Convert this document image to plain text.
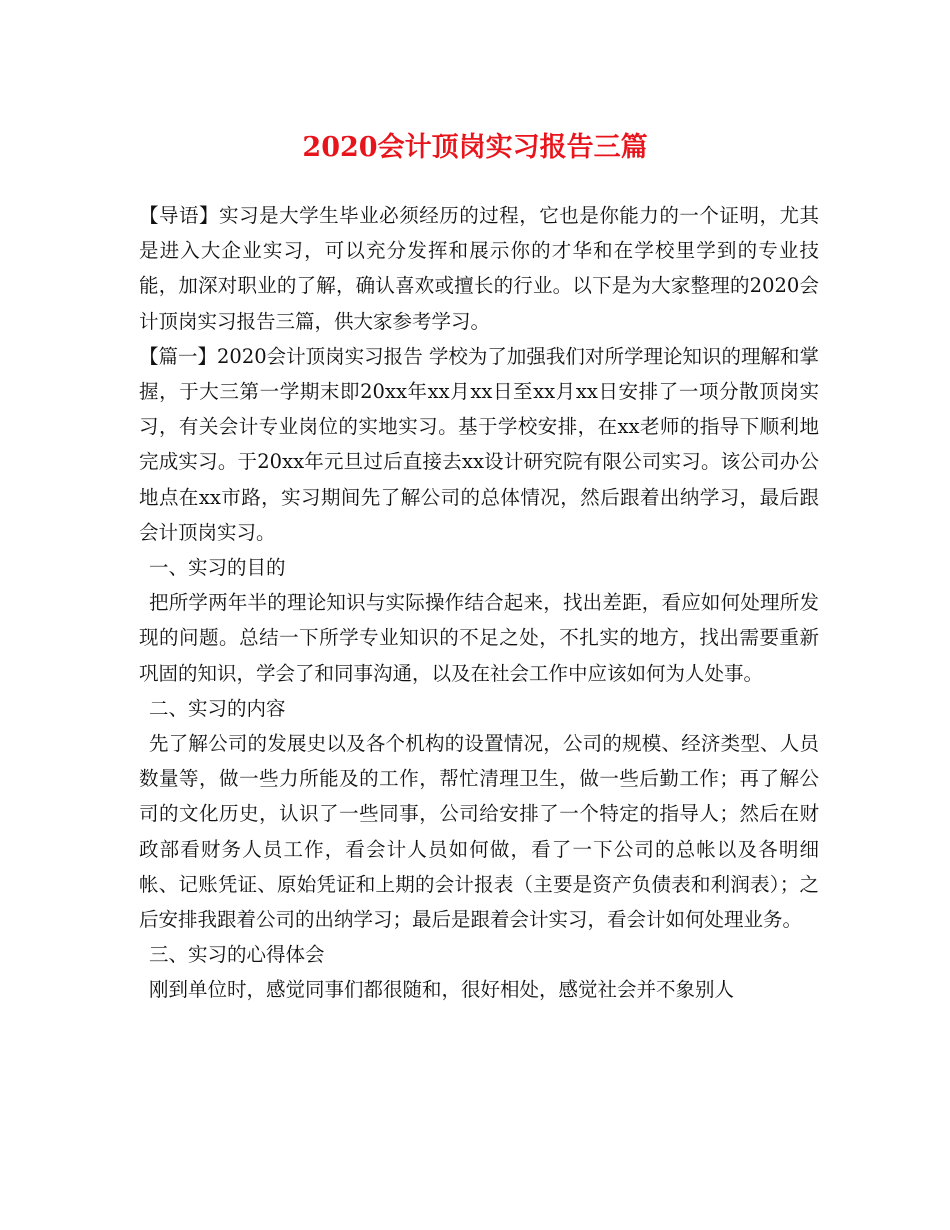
2020会计顶岗实习报告三篇

【导语】实习是大学生毕业必须经历的过程，它也是你能力的一个证明，尤其是进入大企业实习，可以充分发挥和展示你的才华和在学校里学到的专业技能，加深对职业的了解，确认喜欢或擅长的行业。以下是为大家整理的2020会计顶岗实习报告三篇，供大家参考学习。

【篇一】2020会计顶岗实习报告 学校为了加强我们对所学理论知识的理解和掌握，于大三第一学期末即20xx年xx月xx日至xx月xx日安排了一项分散顶岗实习，有关会计专业岗位的实地实习。基于学校安排，在xx老师的指导下顺利地完成实习。于20xx年元旦过后直接去xx设计研究院有限公司实习。该公司办公地点在xx市路，实习期间先了解公司的总体情况，然后跟着出纳学习，最后跟会计顶岗实习。

一、实习的目的

把所学两年半的理论知识与实际操作结合起来，找出差距，看应如何处理所发现的问题。总结一下所学专业知识的不足之处，不扎实的地方，找出需要重新巩固的知识，学会了和同事沟通，以及在社会工作中应该如何为人处事。

二、实习的内容

先了解公司的发展史以及各个机构的设置情况，公司的规模、经济类型、人员数量等，做一些力所能及的工作，帮忙清理卫生，做一些后勤工作；再了解公司的文化历史，认识了一些同事，公司给安排了一个特定的指导人；然后在财政部看财务人员工作，看会计人员如何做，看了一下公司的总帐以及各明细帐、记账凭证、原始凭证和上期的会计报表（主要是资产负债表和利润表）；之后安排我跟着公司的出纳学习；最后是跟着会计实习，看会计如何处理业务。

三、实习的心得体会

刚到单位时，感觉同事们都很随和，很好相处，感觉社会并不象别人
